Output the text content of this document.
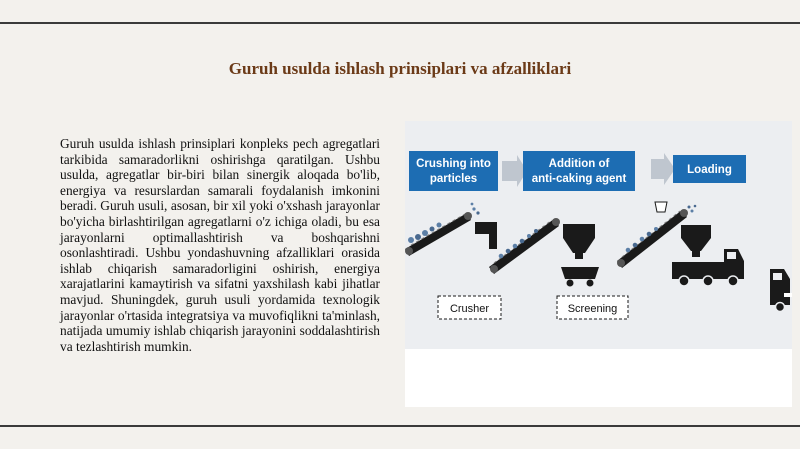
Guruh usulda ishlash prinsiplari va afzalliklari

Guruh usulda ishlash prinsiplari konpleks pech agregatlari tarkibida samaradorlikni oshirishga qaratilgan. Ushbu usulda, agregatlar bir-biri bilan sinergik aloqada bo'lib, energiya va resurslardan samarali foydalanish imkonini beradi. Guruh usuli, asosan, bir xil yoki o'xshash jarayonlar bo'yicha birlashtirilgan agregatlarni o'z ichiga oladi, bu esa jarayonlarni optimallashtirish va boshqarishni osonlashtiradi. Ushbu yondashuvning afzalliklari orasida ishlab chiqarish samaradorligini oshirish, energiya xarajatlarini kamaytirish va sifatni yaxshilash kabi jihatlar mavjud. Shuningdek, guruh usuli yordamida texnologik jarayonlar o'rtasida integratsiya va muvofiqlikni ta'minlash, natijada umumiy ishlab chiqarish jarayonini soddalashtirish va tezlashtirish mumkin.

Crushing into
particles
Addition of
anti-caking agent
Loading
Crusher	Screening
